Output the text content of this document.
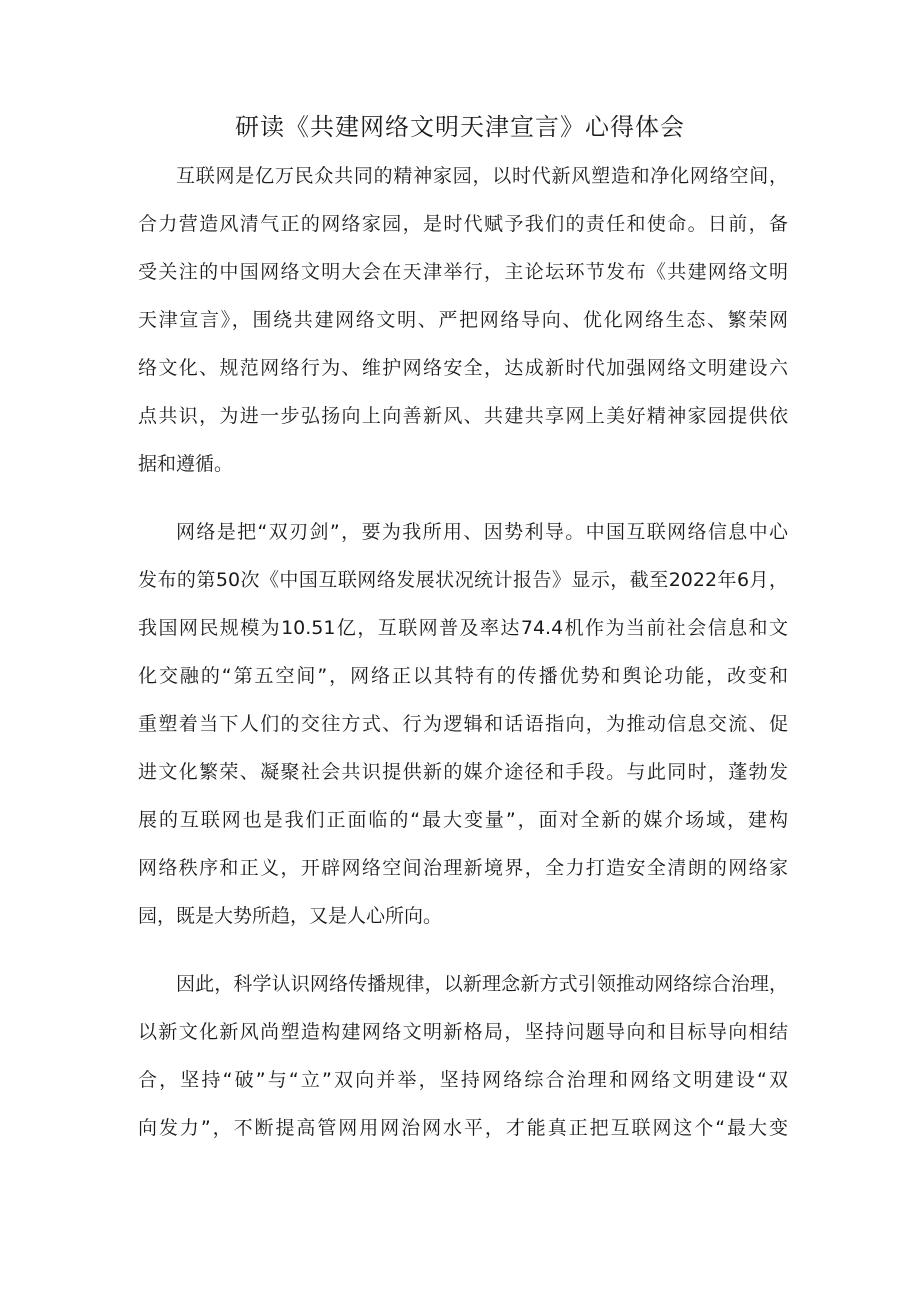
研读《共建网络文明天津宣言》心得体会
互联网是亿万民众共同的精神家园，以时代新风塑造和净化网络空间，
合力营造风清气正的网络家园，是时代赋予我们的责任和使命。日前，备
受关注的中国网络文明大会在天津举行，主论坛环节发布《共建网络文明
天津宣言》，围绕共建网络文明、严把网络导向、优化网络生态、繁荣网
络文化、规范网络行为、维护网络安全，达成新时代加强网络文明建设六
点共识，为进一步弘扬向上向善新风、共建共享网上美好精神家园提供依
据和遵循。
网络是把“双刃剑”，要为我所用、因势利导。中国互联网络信息中心
发布的第50次《中国互联网络发展状况统计报告》显示，截至2022年6月，
我国网民规模为10.51亿，互联网普及率达74.4机作为当前社会信息和文
化交融的“第五空间”，网络正以其特有的传播优势和舆论功能，改变和
重塑着当下人们的交往方式、行为逻辑和话语指向，为推动信息交流、促
进文化繁荣、凝聚社会共识提供新的媒介途径和手段。与此同时，蓬勃发
展的互联网也是我们正面临的“最大变量”，面对全新的媒介场域，建构
网络秩序和正义，开辟网络空间治理新境界，全力打造安全清朗的网络家
园，既是大势所趋，又是人心所向。
因此，科学认识网络传播规律，以新理念新方式引领推动网络综合治理，
以新文化新风尚塑造构建网络文明新格局，坚持问题导向和目标导向相结
合，坚持“破”与“立”双向并举，坚持网络综合治理和网络文明建设“双
向发力”，不断提高管网用网治网水平，才能真正把互联网这个“最大变
